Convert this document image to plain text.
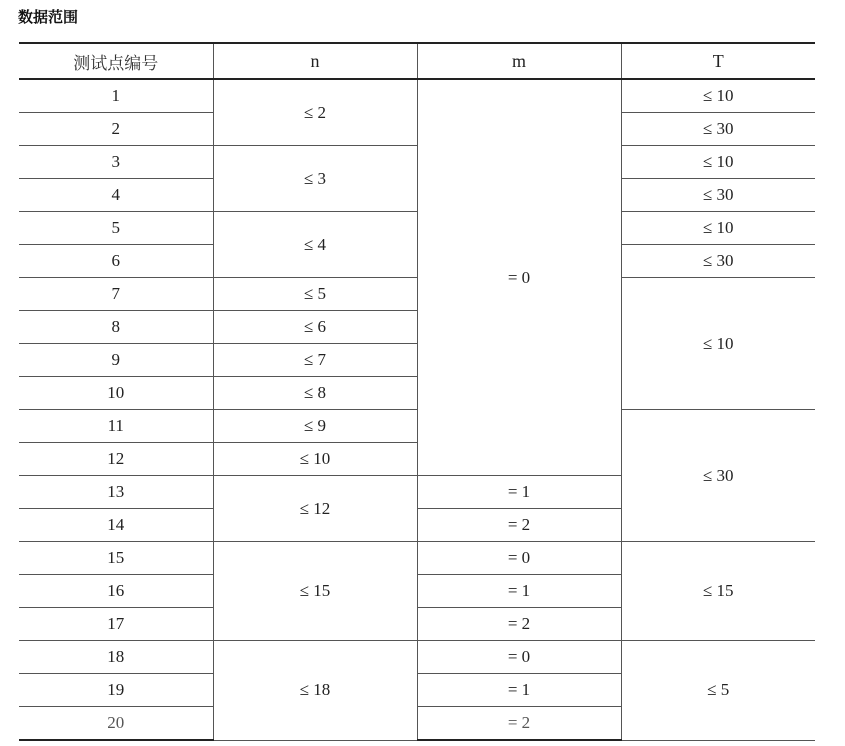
数据范围
测试点编号	n	m	T
1	≤ 2	= 0	≤ 10
2			≤ 30
3	≤ 3		≤ 10
4			≤ 30
5	≤ 4		≤ 10
6			≤ 30
7	≤ 5		≤ 10
8	≤ 6		
9	≤ 7		
10	≤ 8		
11	≤ 9		≤ 30
12	≤ 10		
13	≤ 12	= 1	
14		= 2	
15	≤ 15	= 0	≤ 15
16		= 1	
17		= 2	
18	≤ 18	= 0	≤ 5
19		= 1	
20		= 2	
